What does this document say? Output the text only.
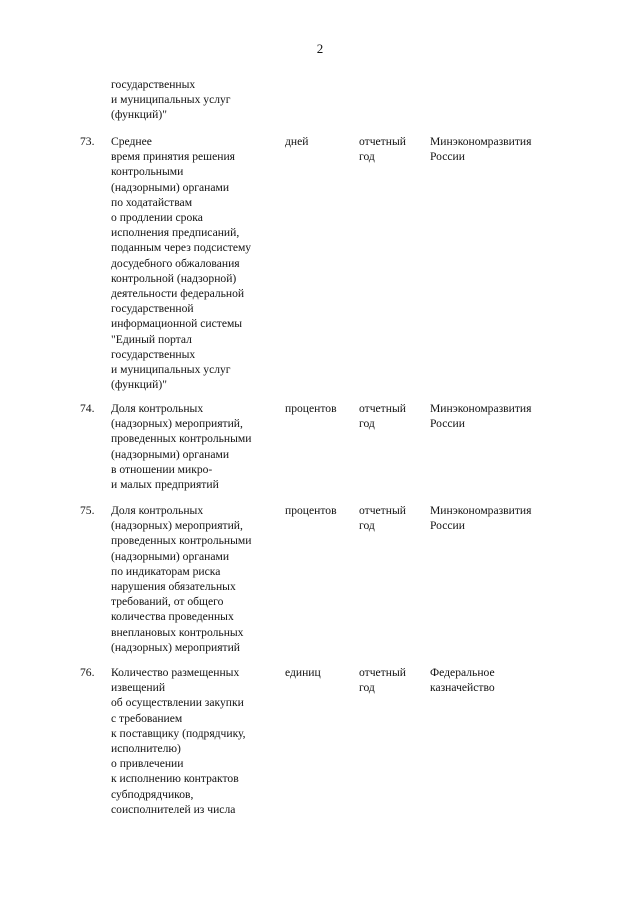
2
государственных
и муниципальных услуг
(функций)"
73. Среднее
время принятия решения
контрольными
(надзорными) органами
по ходатайствам
о продлении срока
исполнения предписаний,
поданным через подсистему
досудебного обжалования
контрольной (надзорной)
деятельности федеральной
государственной
информационной системы
"Единый портал
государственных
и муниципальных услуг
(функций)"
дней	отчетный
год
Минэкономразвития
России
74. Доля контрольных
(надзорных) мероприятий,
проведенных контрольными
(надзорными) органами
в отношении микро-
и малых предприятий
процентов отчетный
год
Минэкономразвития
России
75. Доля контрольных
(надзорных) мероприятий,
проведенных контрольными
(надзорными) органами
по индикаторам риска
нарушения обязательных
требований, от общего
количества проведенных
внеплановых контрольных
(надзорных) мероприятий
процентов отчетный
год
Минэкономразвития
России
76. Количество размещенных
извещений
об осуществлении закупки
с требованием
к поставщику (подрядчику,
исполнителю)
о привлечении
к исполнению контрактов
субподрядчиков,
соисполнителей из числа
единиц	отчетный
год
Федеральное
казначейство
